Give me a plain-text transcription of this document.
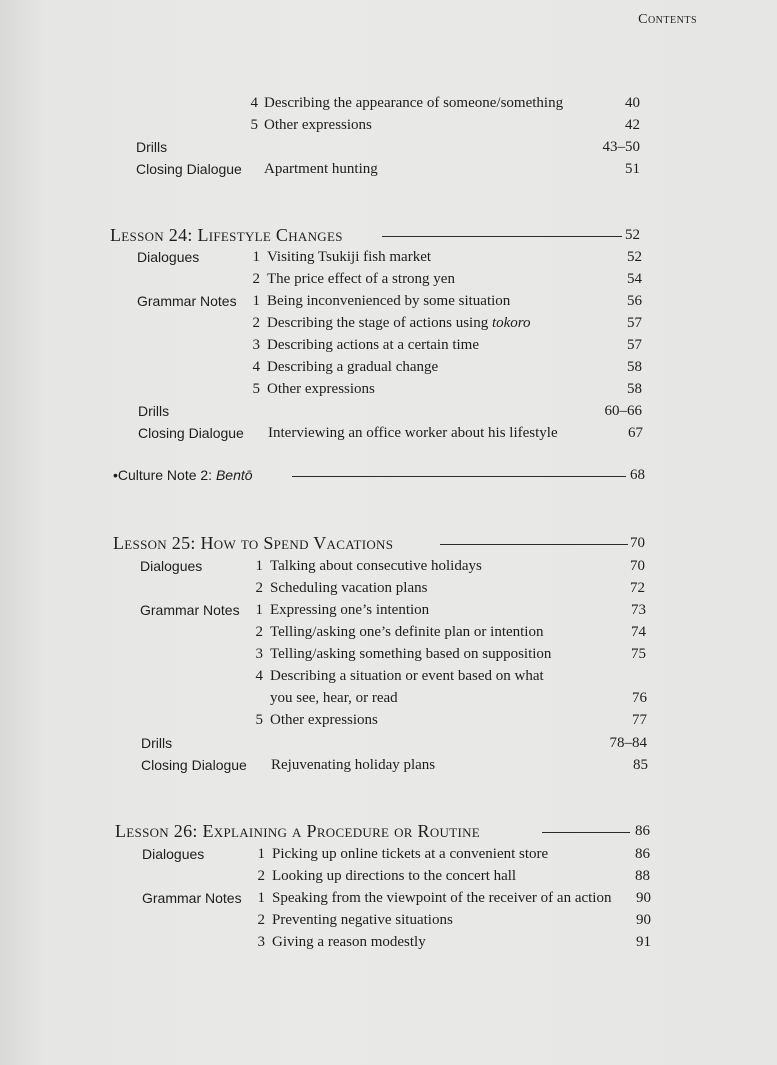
Contents
4 Describing the appearance of someone/something	40
5 Other expressions	42
Drills	43–50
Closing Dialogue Apartment hunting	51
Lesson 24: Lifestyle Changes	52
Dialogues	1 Visiting Tsukiji fish market	52
2 The price effect of a strong yen	54
Grammar Notes	1 Being inconvenienced by some situation	56
2 Describing the stage of actions using tokoro	57
3 Describing actions at a certain time	57
4 Describing a gradual change	58
5 Other expressions	58
Drills	60–66
Closing Dialogue Interviewing an office worker about his lifestyle	67
•Culture Note 2: Bentō	68
Lesson 25: How to Spend Vacations	70
Dialogues	1 Talking about consecutive holidays	70
2 Scheduling vacation plans	72
Grammar Notes	1 Expressing one’s intention	73
2 Telling/asking one’s definite plan or intention	74
3 Telling/asking something based on supposition	75
4 Describing a situation or event based on what
you see, hear, or read	76
5 Other expressions	77
Drills	78–84
Closing Dialogue Rejuvenating holiday plans	85
Lesson 26: Explaining a Procedure or Routine	86
Dialogues	1 Picking up online tickets at a convenient store	86
2 Looking up directions to the concert hall	88
Grammar Notes	1 Speaking from the viewpoint of the receiver of an action	90
2 Preventing negative situations	90
3 Giving a reason modestly	91
